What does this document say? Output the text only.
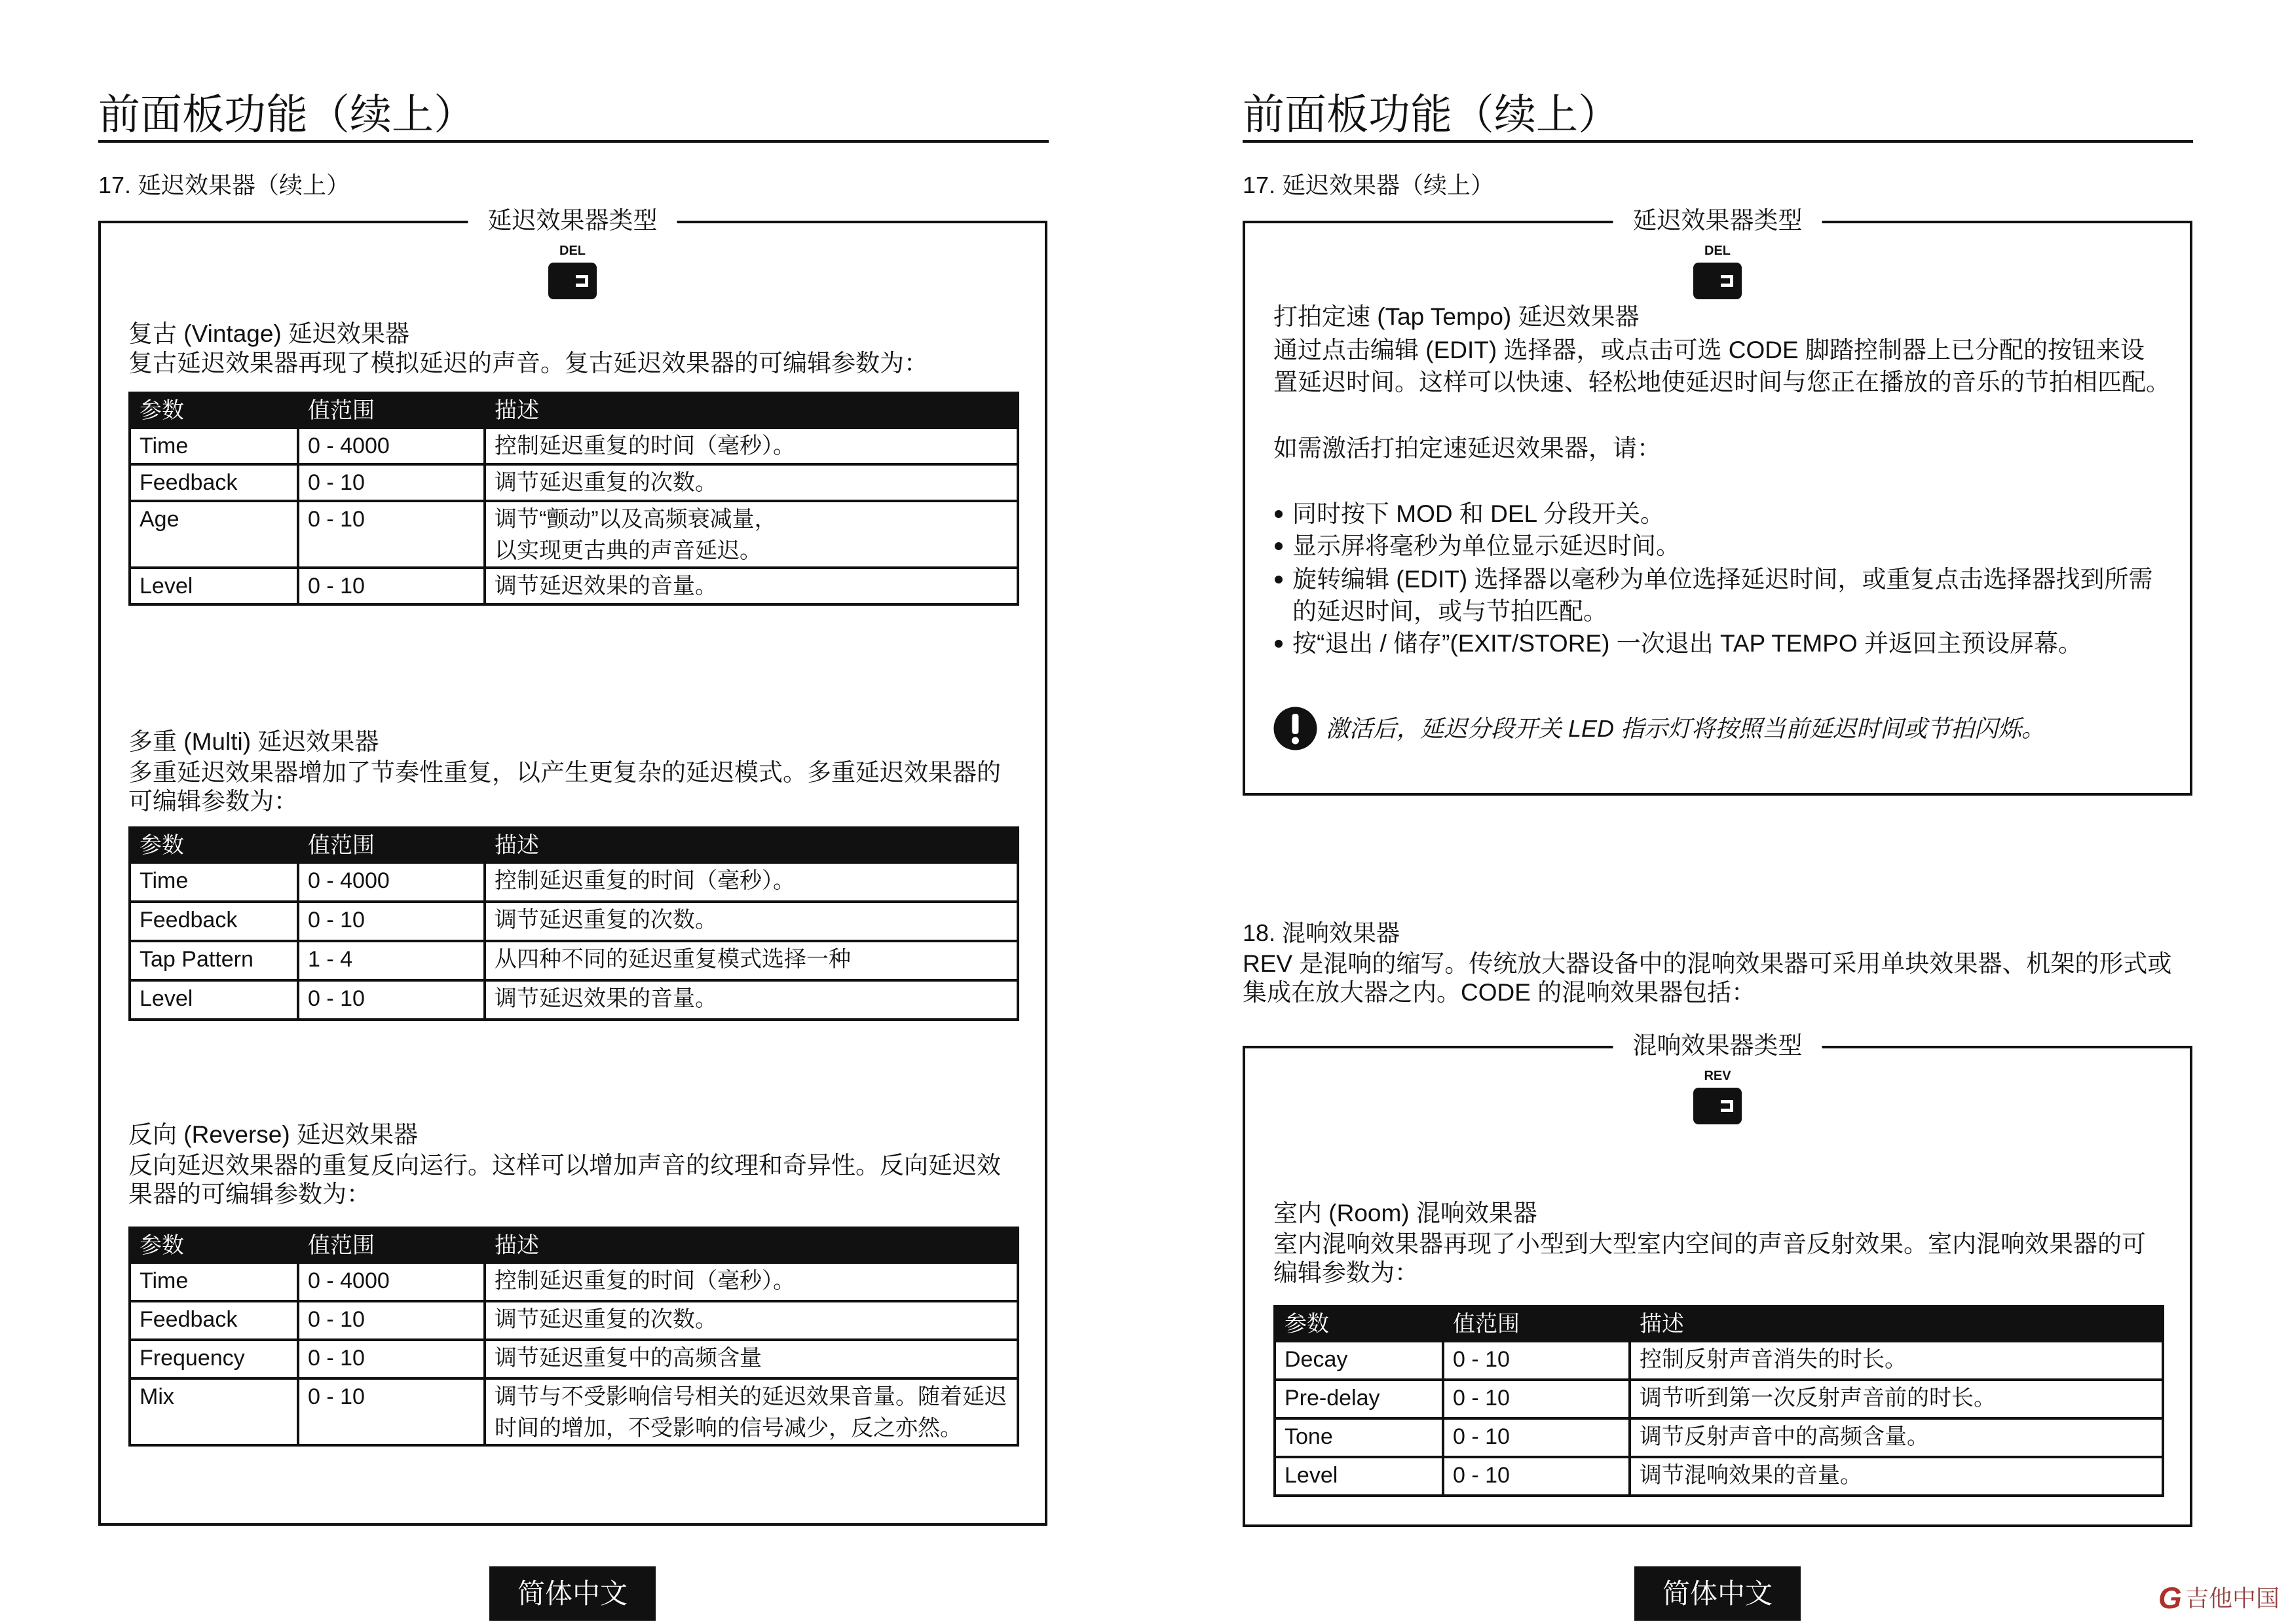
前面板功能（续上）
17. 延迟效果器（续上）
延迟效果器类型
DEL
复古 (Vintage) 延迟效果器
复古延迟效果器再现了模拟延迟的声音。复古延迟效果器的可编辑参数为：
参数	值范围	描述
Time	0 - 4000	控制延迟重复的时间（毫秒）。

Feedback	0 - 10	调节延迟重复的次数。

Age	0 - 10	调节“颤动”以及高频衰减量，
以实现更古典的声音延迟。

Level	0 - 10	调节延迟效果的音量。
多重 (Multi) 延迟效果器
多重延迟效果器增加了节奏性重复，以产生更复杂的延迟模式。多重延迟效果器的
可编辑参数为：
参数	值范围	描述
Time	0 - 4000	控制延迟重复的时间（毫秒）。

Feedback	0 - 10	调节延迟重复的次数。

Tap Pattern	1 - 4	从四种不同的延迟重复模式选择一种

Level	0 - 10	调节延迟效果的音量。
反向 (Reverse) 延迟效果器
反向延迟效果器的重复反向运行。这样可以增加声音的纹理和奇异性。反向延迟效
果器的可编辑参数为：
参数	值范围	描述
Time	0 - 4000	控制延迟重复的时间（毫秒）。

Feedback	0 - 10	调节延迟重复的次数。

Frequency	0 - 10	调节延迟重复中的高频含量

Mix	0 - 10	调节与不受影响信号相关的延迟效果音量。随着延迟
时间的增加，不受影响的信号减少，反之亦然。
简体中文
前面板功能（续上）
17. 延迟效果器（续上）
延迟效果器类型
DEL
打拍定速 (Tap Tempo) 延迟效果器
通过点击编辑 (EDIT) 选择器，或点击可选 CODE 脚踏控制器上已分配的按钮来设
置延迟时间。这样可以快速、轻松地使延迟时间与您正在播放的音乐的节拍相匹配。
如需激活打拍定速延迟效果器，请：
同时按下 MOD 和 DEL 分段开关。
显示屏将毫秒为单位显示延迟时间。
旋转编辑 (EDIT) 选择器以毫秒为单位选择延迟时间，或重复点击选择器找到所需
的延迟时间，或与节拍匹配。
按“退出 / 储存”(EXIT/STORE) 一次退出 TAP TEMPO 并返回主预设屏幕。
激活后，延迟分段开关 LED 指示灯将按照当前延迟时间或节拍闪烁。
18. 混响效果器
REV 是混响的缩写。传统放大器设备中的混响效果器可采用单块效果器、机架的形式或
集成在放大器之内。CODE 的混响效果器包括：
混响效果器类型
REV
室内 (Room) 混响效果器
室内混响效果器再现了小型到大型室内空间的声音反射效果。室内混响效果器的可
编辑参数为：
参数	值范围	描述
Decay	0 - 10	控制反射声音消失的时长。

Pre-delay	0 - 10	调节听到第一次反射声音前的时长。

Tone	0 - 10	调节反射声音中的高频含量。

Level	0 - 10	调节混响效果的音量。
简体中文	G 吉他中国
